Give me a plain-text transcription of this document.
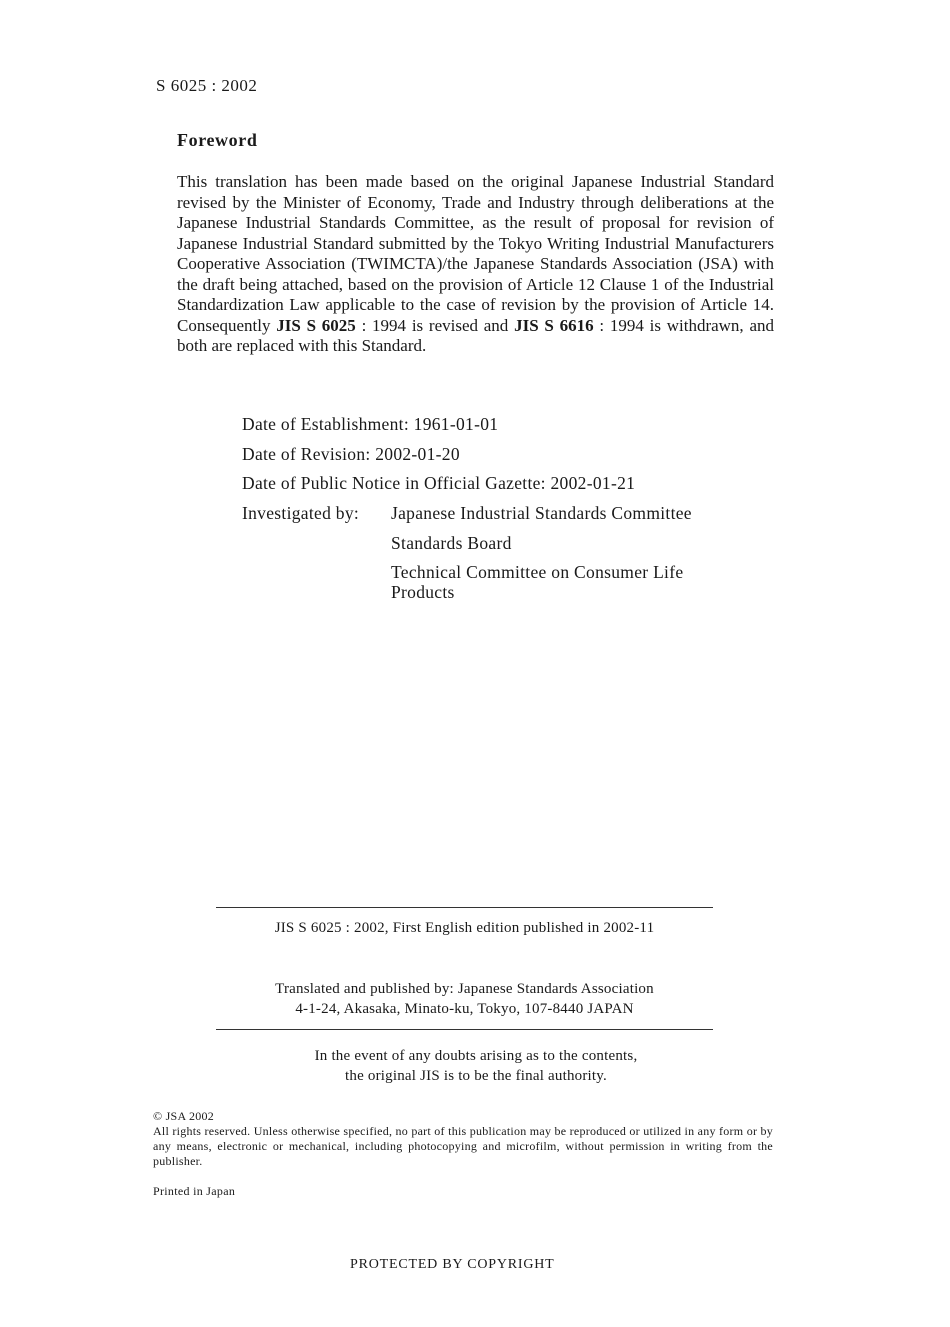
S 6025 : 2002
Foreword
This translation has been made based on the original Japanese Industrial Standard revised by the Minister of Economy, Trade and Industry through deliberations at the Japanese Industrial Standards Committee, as the result of proposal for revision of Japanese Industrial Standard submitted by the Tokyo Writing Industrial Manufacturers Cooperative Association (TWIMCTA)/the Japanese Standards Association (JSA) with the draft being attached, based on the provision of Article 12 Clause 1 of the Industrial Standardization Law applicable to the case of revision by the provision of Article 14. Consequently JIS S 6025 : 1994 is revised and JIS S 6616 : 1994 is withdrawn, and both are replaced with this Standard.
Date of Establishment: 1961-01-01
Date of Revision: 2002-01-20
Date of Public Notice in Official Gazette: 2002-01-21
Investigated by: Japanese Industrial Standards Committee
Standards Board
Technical Committee on Consumer Life Products
JIS S 6025 : 2002, First English edition published in 2002-11
Translated and published by: Japanese Standards Association
4-1-24, Akasaka, Minato-ku, Tokyo, 107-8440 JAPAN
In the event of any doubts arising as to the contents,
the original JIS is to be the final authority.
© JSA 2002
All rights reserved. Unless otherwise specified, no part of this publication may be reproduced or utilized in any form or by any means, electronic or mechanical, including photocopying and microfilm, without permission in writing from the publisher.
Printed in Japan
PROTECTED BY COPYRIGHT
